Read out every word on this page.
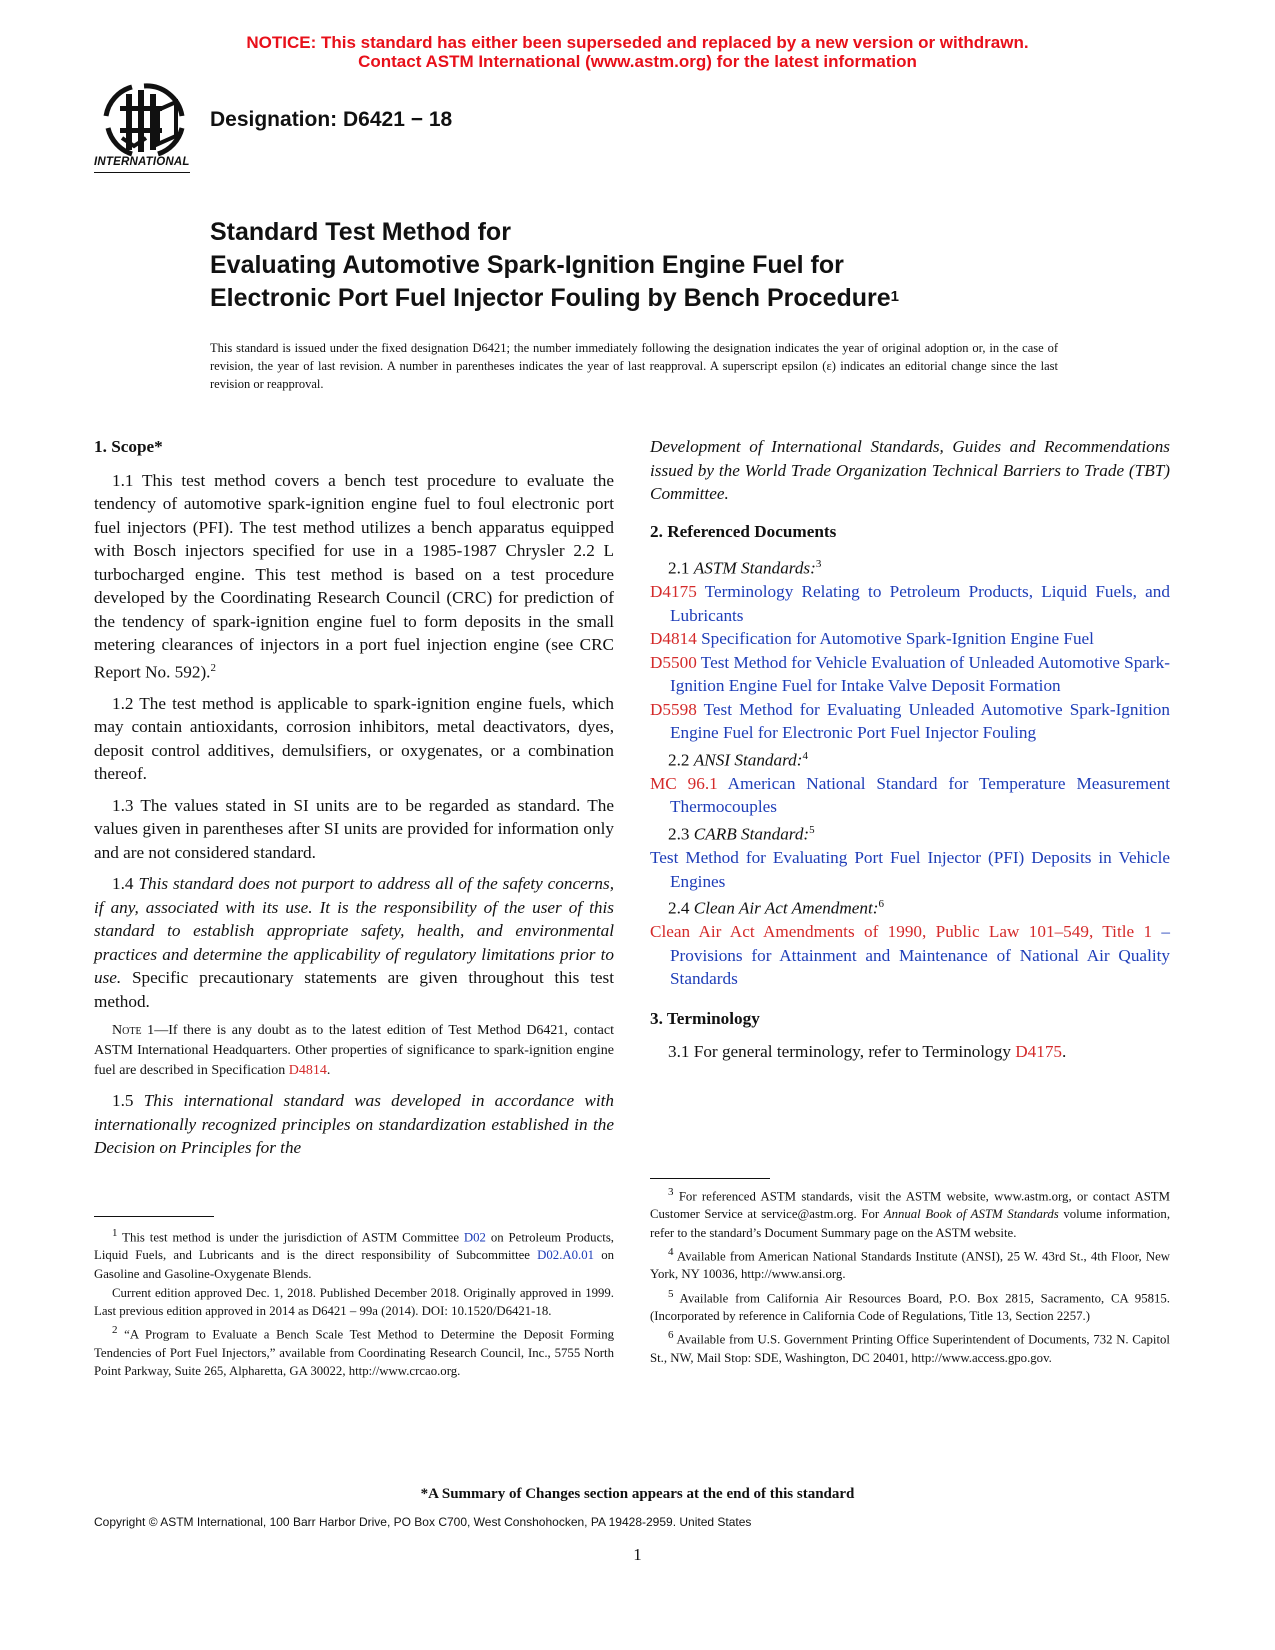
NOTICE: This standard has either been superseded and replaced by a new version or withdrawn.
Contact ASTM International (www.astm.org) for the latest information
INTERNATIONAL
Designation: D6421 − 18
Standard Test Method for
Evaluating Automotive Spark-Ignition Engine Fuel for
Electronic Port Fuel Injector Fouling by Bench Procedure$^1$
This standard is issued under the fixed designation D6421; the number immediately following the designation indicates the year of original adoption or, in the case of revision, the year of last revision. A number in parentheses indicates the year of last reapproval. A superscript epsilon (ε) indicates an editorial change since the last revision or reapproval.
1. Scope*
1.1 This test method covers a bench test procedure to evaluate the tendency of automotive spark-ignition engine fuel to foul electronic port fuel injectors (PFI). The test method utilizes a bench apparatus equipped with Bosch injectors specified for use in a 1985-1987 Chrysler 2.2 L turbocharged engine. This test method is based on a test procedure developed by the Coordinating Research Council (CRC) for prediction of the tendency of spark-ignition engine fuel to form deposits in the small metering clearances of injectors in a port fuel injection engine (see CRC Report No. 592).$^2$
1.2 The test method is applicable to spark-ignition engine fuels, which may contain antioxidants, corrosion inhibitors, metal deactivators, dyes, deposit control additives, demulsifiers, or oxygenates, or a combination thereof.
1.3 The values stated in SI units are to be regarded as standard. The values given in parentheses after SI units are provided for information only and are not considered standard.
1.4 This standard does not purport to address all of the safety concerns, if any, associated with its use. It is the responsibility of the user of this standard to establish appropriate safety, health, and environmental practices and determine the applicability of regulatory limitations prior to use. Specific precautionary statements are given throughout this test method.
Note 1—If there is any doubt as to the latest edition of Test Method D6421, contact ASTM International Headquarters. Other properties of significance to spark-ignition engine fuel are described in Specification D4814.
1.5 This international standard was developed in accordance with internationally recognized principles on standardization established in the Decision on Principles for the
Development of International Standards, Guides and Recommendations issued by the World Trade Organization Technical Barriers to Trade (TBT) Committee.
2. Referenced Documents
2.1 ASTM Standards:$^3$
D4175 Terminology Relating to Petroleum Products, Liquid Fuels, and Lubricants
D4814 Specification for Automotive Spark-Ignition Engine Fuel
D5500 Test Method for Vehicle Evaluation of Unleaded Automotive Spark-Ignition Engine Fuel for Intake Valve Deposit Formation
D5598 Test Method for Evaluating Unleaded Automotive Spark-Ignition Engine Fuel for Electronic Port Fuel Injector Fouling
2.2 ANSI Standard:$^4$
MC 96.1 American National Standard for Temperature Measurement Thermocouples
2.3 CARB Standard:$^5$
Test Method for Evaluating Port Fuel Injector (PFI) Deposits in Vehicle Engines
2.4 Clean Air Act Amendment:$^6$
Clean Air Act Amendments of 1990, Public Law 101–549, Title 1 – Provisions for Attainment and Maintenance of National Air Quality Standards
3. Terminology
3.1 For general terminology, refer to Terminology D4175.
$^1$ This test method is under the jurisdiction of ASTM Committee D02 on Petroleum Products, Liquid Fuels, and Lubricants and is the direct responsibility of Subcommittee D02.A0.01 on Gasoline and Gasoline-Oxygenate Blends.
Current edition approved Dec. 1, 2018. Published December 2018. Originally approved in 1999. Last previous edition approved in 2014 as D6421 – 99a (2014). DOI: 10.1520/D6421-18.
$^2$ “A Program to Evaluate a Bench Scale Test Method to Determine the Deposit Forming Tendencies of Port Fuel Injectors,” available from Coordinating Research Council, Inc., 5755 North Point Parkway, Suite 265, Alpharetta, GA 30022, http://www.crcao.org.
$^3$ For referenced ASTM standards, visit the ASTM website, www.astm.org, or contact ASTM Customer Service at service@astm.org. For Annual Book of ASTM Standards volume information, refer to the standard’s Document Summary page on the ASTM website.
$^4$ Available from American National Standards Institute (ANSI), 25 W. 43rd St., 4th Floor, New York, NY 10036, http://www.ansi.org.
$^5$ Available from California Air Resources Board, P.O. Box 2815, Sacramento, CA 95815. (Incorporated by reference in California Code of Regulations, Title 13, Section 2257.)
$^6$ Available from U.S. Government Printing Office Superintendent of Documents, 732 N. Capitol St., NW, Mail Stop: SDE, Washington, DC 20401, http://www.access.gpo.gov.
*A Summary of Changes section appears at the end of this standard
Copyright © ASTM International, 100 Barr Harbor Drive, PO Box C700, West Conshohocken, PA 19428-2959. United States
1
